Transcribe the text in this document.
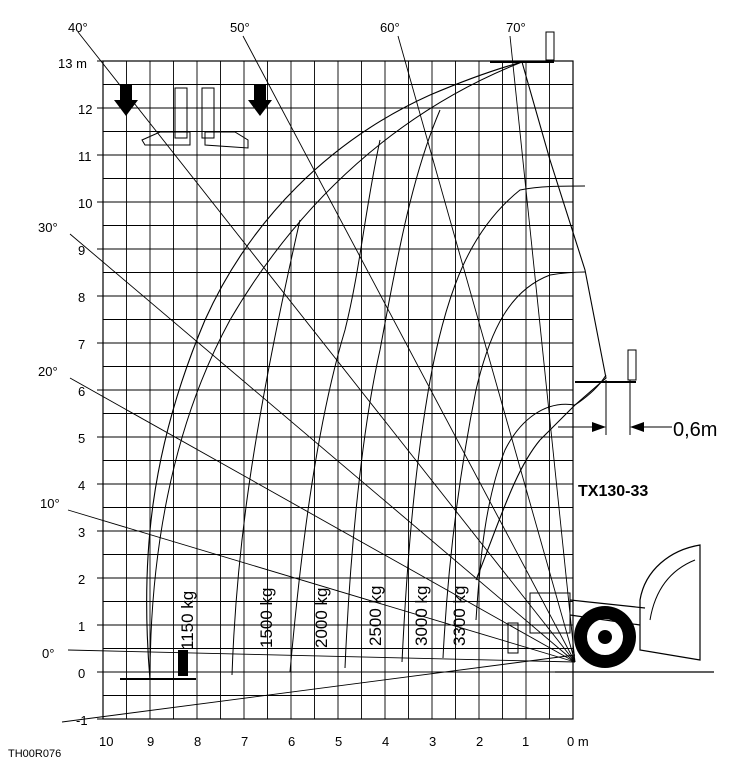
13 m
12
11
10
9
8
7
6
5
4
3
2
1
0
-1
10	9	8	7	6	5	4	3	2	1	0 m
40°	50°	60°	70°
30°
20°
10°
0°
1150 kg	1500 kg 2000 kg 2500 kg 3000 kg 3300 kg
0,6m
TX130-33
TH00R076
